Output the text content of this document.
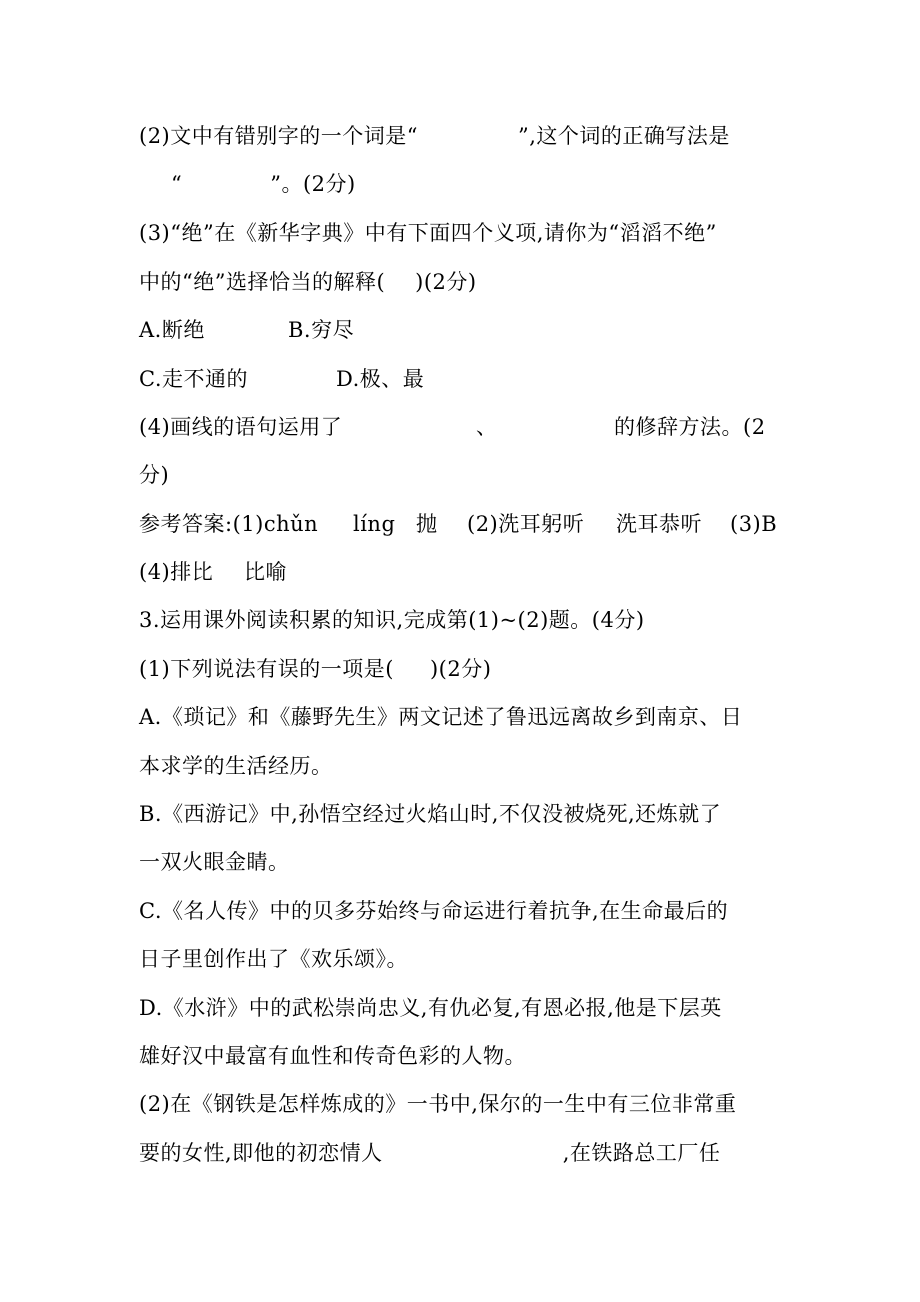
(2)文中有错别字的一个词是“	”,这个词的正确写法是
“	”。(2分)
(3)“绝”在《新华字典》中有下面四个义项,请你为“滔滔不绝”
中的“绝”选择恰当的解释( )(2分)
A.断绝	B.穷尽
C.走不通的	D.极、最
(4)画线的语句运用了	、	的修辞方法。(2
分)
参考答案:(1)chǔn líng 抛 (2)洗耳躬听 洗耳恭听 (3)B
(4)排比 比喻
3.运用课外阅读积累的知识,完成第(1)~(2)题。(4分)
(1)下列说法有误的一项是( )(2分)
A.《琐记》和《藤野先生》两文记述了鲁迅远离故乡到南京、日
本求学的生活经历。
B.《西游记》中,孙悟空经过火焰山时,不仅没被烧死,还炼就了
一双火眼金睛。
C.《名人传》中的贝多芬始终与命运进行着抗争,在生命最后的
日子里创作出了《欢乐颂》。
D.《水浒》中的武松崇尚忠义,有仇必复,有恩必报,他是下层英
雄好汉中最富有血性和传奇色彩的人物。
(2)在《钢铁是怎样炼成的》一书中,保尔的一生中有三位非常重
要的女性,即他的初恋情人	,在铁路总工厂任
